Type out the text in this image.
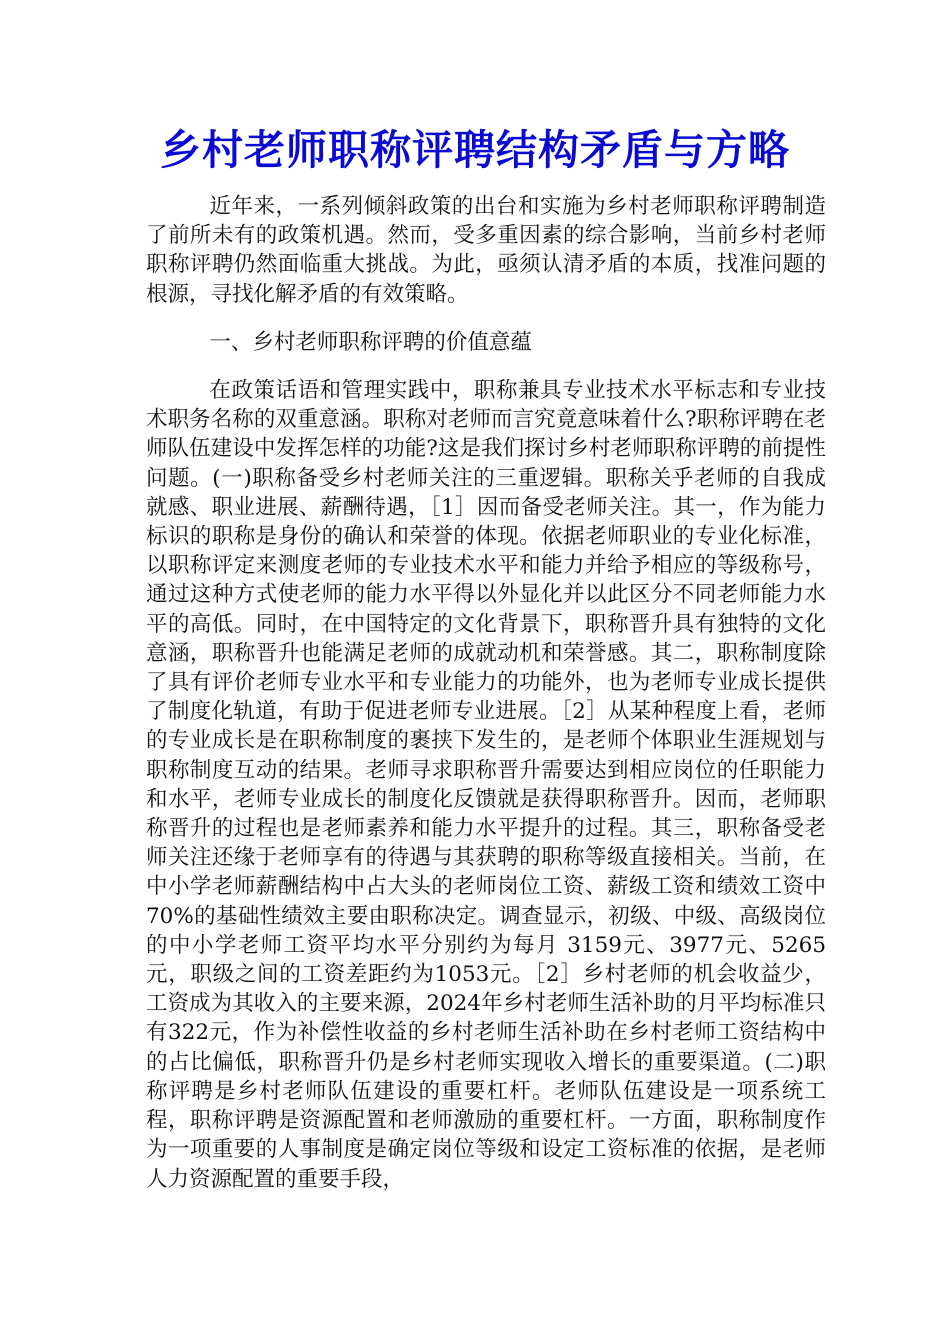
乡村老师职称评聘结构矛盾与方略

近年来，一系列倾斜政策的出台和实施为乡村老师职称评聘制造了前所未有的政策机遇。然而，受多重因素的综合影响，当前乡村老师职称评聘仍然面临重大挑战。为此，亟须认清矛盾的本质，找准问题的根源，寻找化解矛盾的有效策略。

一、乡村老师职称评聘的价值意蕴

在政策话语和管理实践中，职称兼具专业技术水平标志和专业技术职务名称的双重意涵。职称对老师而言究竟意味着什么?职称评聘在老师队伍建设中发挥怎样的功能?这是我们探讨乡村老师职称评聘的前提性问题。(一)职称备受乡村老师关注的三重逻辑。职称关乎老师的自我成就感、职业进展、薪酬待遇，［1］因而备受老师关注。其一，作为能力标识的职称是身份的确认和荣誉的体现。依据老师职业的专业化标准，以职称评定来测度老师的专业技术水平和能力并给予相应的等级称号，通过这种方式使老师的能力水平得以外显化并以此区分不同老师能力水平的高低。同时，在中国特定的文化背景下，职称晋升具有独特的文化意涵，职称晋升也能满足老师的成就动机和荣誉感。其二，职称制度除了具有评价老师专业水平和专业能力的功能外，也为老师专业成长提供了制度化轨道，有助于促进老师专业进展。［2］从某种程度上看，老师的专业成长是在职称制度的裹挟下发生的，是老师个体职业生涯规划与职称制度互动的结果。老师寻求职称晋升需要达到相应岗位的任职能力和水平，老师专业成长的制度化反馈就是获得职称晋升。因而，老师职称晋升的过程也是老师素养和能力水平提升的过程。其三，职称备受老师关注还缘于老师享有的待遇与其获聘的职称等级直接相关。当前，在中小学老师薪酬结构中占大头的老师岗位工资、薪级工资和绩效工资中70%的基础性绩效主要由职称决定。调查显示，初级、中级、高级岗位的中小学老师工资平均水平分别约为每月 3159元、3977元、5265元，职级之间的工资差距约为1053元。［2］乡村老师的机会收益少，工资成为其收入的主要来源，2024年乡村老师生活补助的月平均标准只有322元，作为补偿性收益的乡村老师生活补助在乡村老师工资结构中的占比偏低，职称晋升仍是乡村老师实现收入增长的重要渠道。(二)职称评聘是乡村老师队伍建设的重要杠杆。老师队伍建设是一项系统工程，职称评聘是资源配置和老师激励的重要杠杆。一方面，职称制度作为一项重要的人事制度是确定岗位等级和设定工资标准的依据，是老师人力资源配置的重要手段，
